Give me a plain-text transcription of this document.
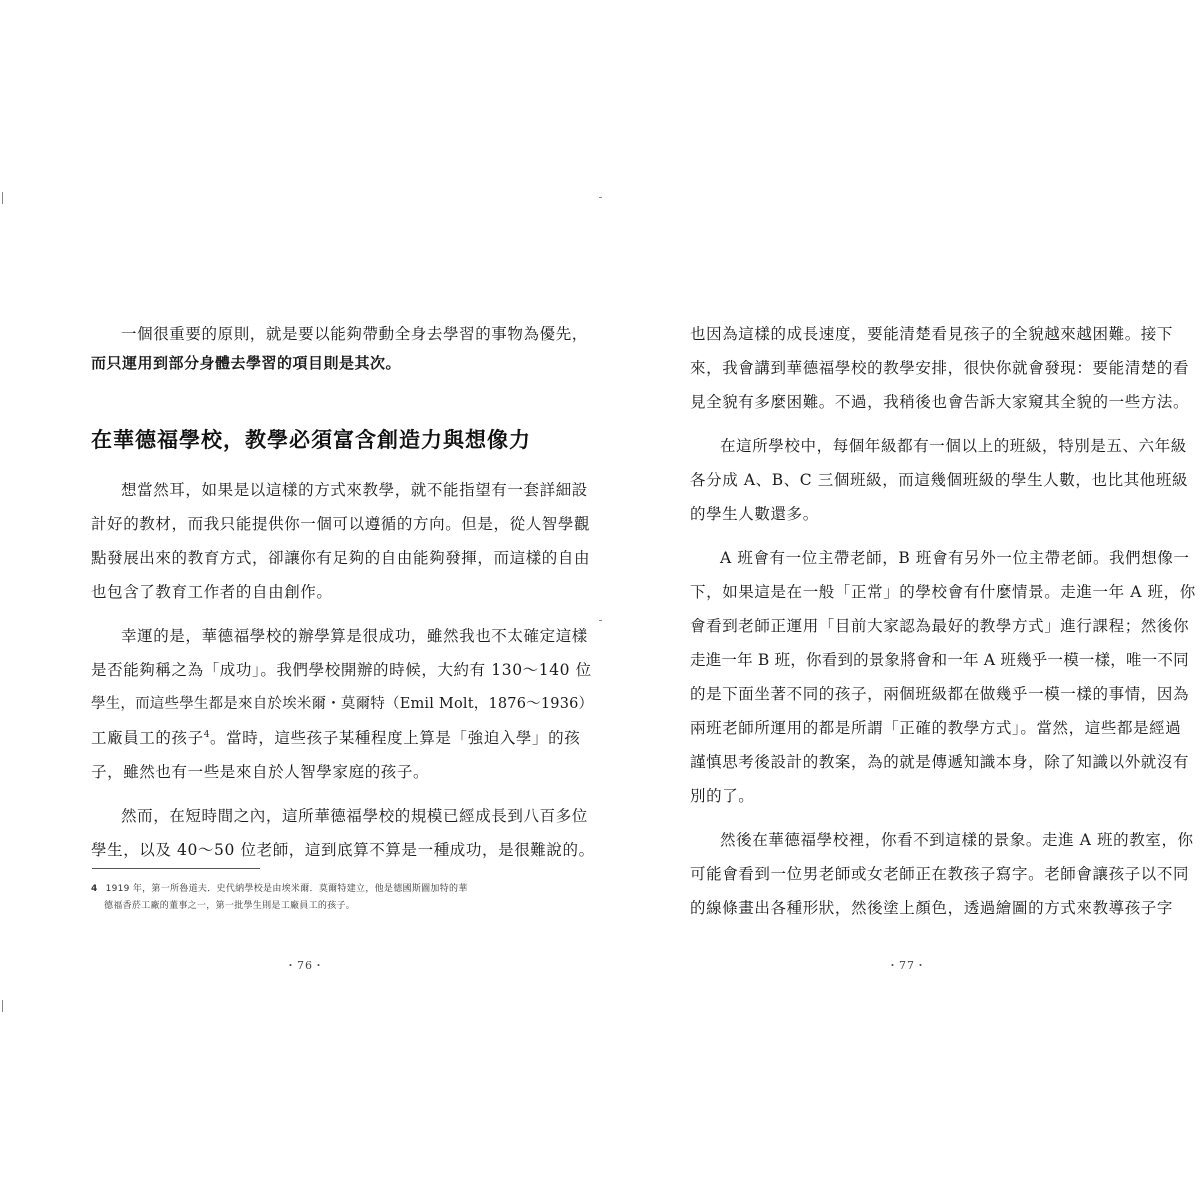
一個很重要的原則，就是要以能夠帶動全身去學習的事物為優先，
而只運用到部分身體去學習的項目則是其次。
在華德福學校，教學必須富含創造力與想像力
想當然耳，如果是以這樣的方式來教學，就不能指望有一套詳細設
計好的教材，而我只能提供你一個可以遵循的方向。但是，從人智學觀
點發展出來的教育方式，卻讓你有足夠的自由能夠發揮，而這樣的自由
也包含了教育工作者的自由創作。
幸運的是，華德福學校的辦學算是很成功，雖然我也不太確定這樣
是否能夠稱之為「成功」。我們學校開辦的時候，大約有 130～140 位
學生，而這些學生都是來自於埃米爾・莫爾特（Emil Molt，1876～1936）
工廠員工的孩子$^4$。當時，這些孩子某種程度上算是「強迫入學」的孩
子，雖然也有一些是來自於人智學家庭的孩子。
然而，在短時間之內，這所華德福學校的規模已經成長到八百多位
學生，以及 40～50 位老師，這到底算不算是一種成功，是很難說的。
4 1919 年，第一所魯道夫．史代納學校是由埃米爾．莫爾特建立，他是德國斯圖加特的華
德福香菸工廠的董事之一，第一批學生則是工廠員工的孩子。
・76・
也因為這樣的成長速度，要能清楚看見孩子的全貌越來越困難。接下
來，我會講到華德福學校的教學安排，很快你就會發現：要能清楚的看
見全貌有多麼困難。不過，我稍後也會告訴大家窺其全貌的一些方法。
在這所學校中，每個年級都有一個以上的班級，特別是五、六年級
各分成 A、B、C 三個班級，而這幾個班級的學生人數，也比其他班級
的學生人數還多。
A 班會有一位主帶老師，B 班會有另外一位主帶老師。我們想像一
下，如果這是在一般「正常」的學校會有什麼情景。走進一年 A 班，你
會看到老師正運用「目前大家認為最好的教學方式」進行課程；然後你
走進一年 B 班，你看到的景象將會和一年 A 班幾乎一模一樣，唯一不同
的是下面坐著不同的孩子，兩個班級都在做幾乎一模一樣的事情，因為
兩班老師所運用的都是所謂「正確的教學方式」。當然，這些都是經過
謹慎思考後設計的教案，為的就是傳遞知識本身，除了知識以外就沒有
別的了。
然後在華德福學校裡，你看不到這樣的景象。走進 A 班的教室，你
可能會看到一位男老師或女老師正在教孩子寫字。老師會讓孩子以不同
的線條畫出各種形狀，然後塗上顏色，透過繪圖的方式來教導孩子字
・77・
